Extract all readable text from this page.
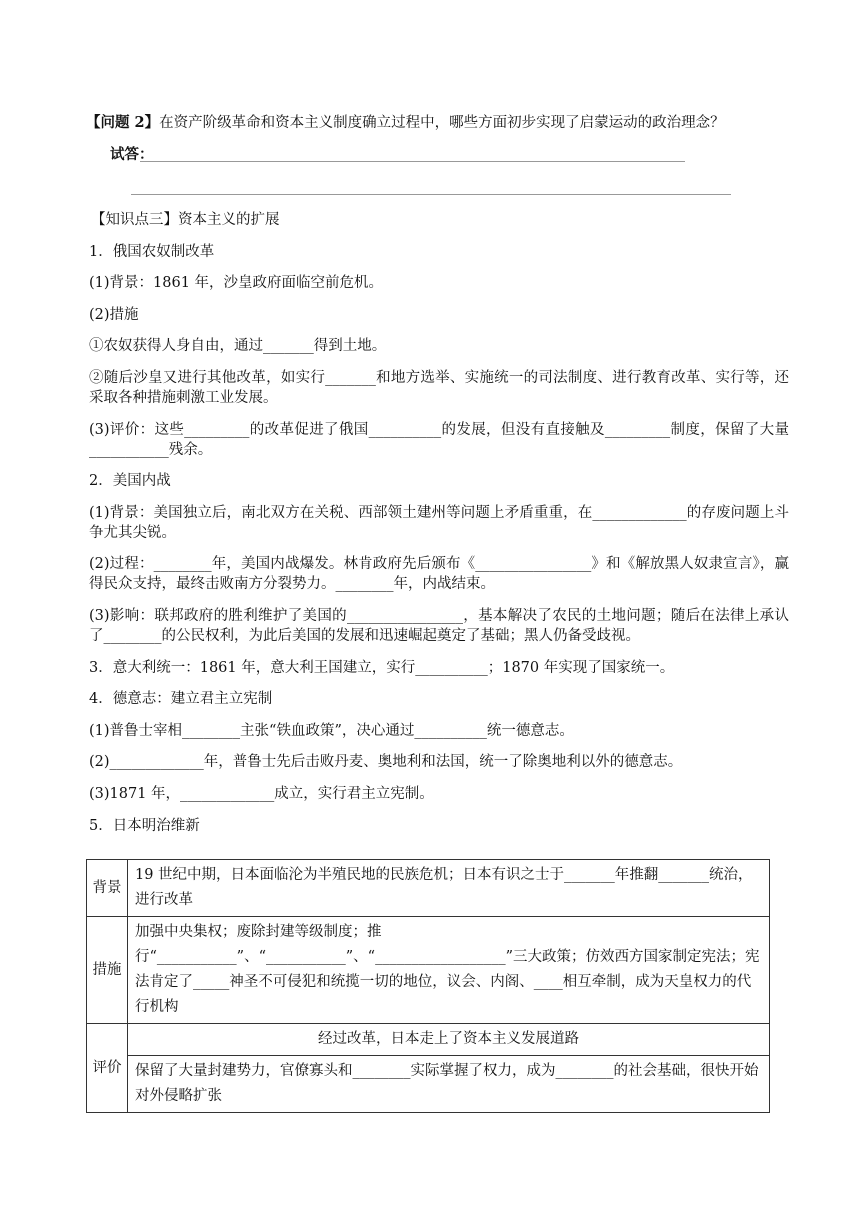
【问题 2】在资产阶级革命和资本主义制度确立过程中，哪些方面初步实现了启蒙运动的政治理念？
试答：
【知识点三】资本主义的扩展
1．俄国农奴制改革
(1)背景：1861 年，沙皇政府面临空前危机。
(2)措施
①农奴获得人身自由，通过_______得到土地。
②随后沙皇又进行其他改革，如实行_______和地方选举、实施统一的司法制度、进行教育改革、实行等，还采取各种措施刺激工业发展。
(3)评价：这些_________的改革促进了俄国__________的发展，但没有直接触及_________制度，保留了大量___________残余。
2．美国内战
(1)背景：美国独立后，南北双方在关税、西部领土建州等问题上矛盾重重，在_____________的存废问题上斗争尤其尖锐。
(2)过程：________年，美国内战爆发。林肯政府先后颁布《________________》和《解放黑人奴隶宣言》，赢得民众支持，最终击败南方分裂势力。________年，内战结束。
(3)影响：联邦政府的胜利维护了美国的________________，基本解决了农民的土地问题；随后在法律上承认了________的公民权利，为此后美国的发展和迅速崛起奠定了基础；黑人仍备受歧视。
3．意大利统一：1861 年，意大利王国建立，实行__________；1870 年实现了国家统一。
4．德意志：建立君主立宪制
(1)普鲁士宰相________主张“铁血政策”，决心通过__________统一德意志。
(2)_____________年，普鲁士先后击败丹麦、奥地利和法国，统一了除奥地利以外的德意志。
(3)1871 年，_____________成立，实行君主立宪制。
5．日本明治维新
背景	19 世纪中期，日本面临沦为半殖民地的民族危机；日本有识之士于_______年推翻_______统治，进行改革
措施	加强中央集权；废除封建等级制度；推行“___________”、“___________”、“__________________”三大政策；仿效西方国家制定宪法；宪法肯定了_____神圣不可侵犯和统揽一切的地位，议会、内阁、____相互牵制，成为天皇权力的代行机构
评价	经过改革，日本走上了资本主义发展道路
	保留了大量封建势力，官僚寡头和________实际掌握了权力，成为________的社会基础，很快开始对外侵略扩张
